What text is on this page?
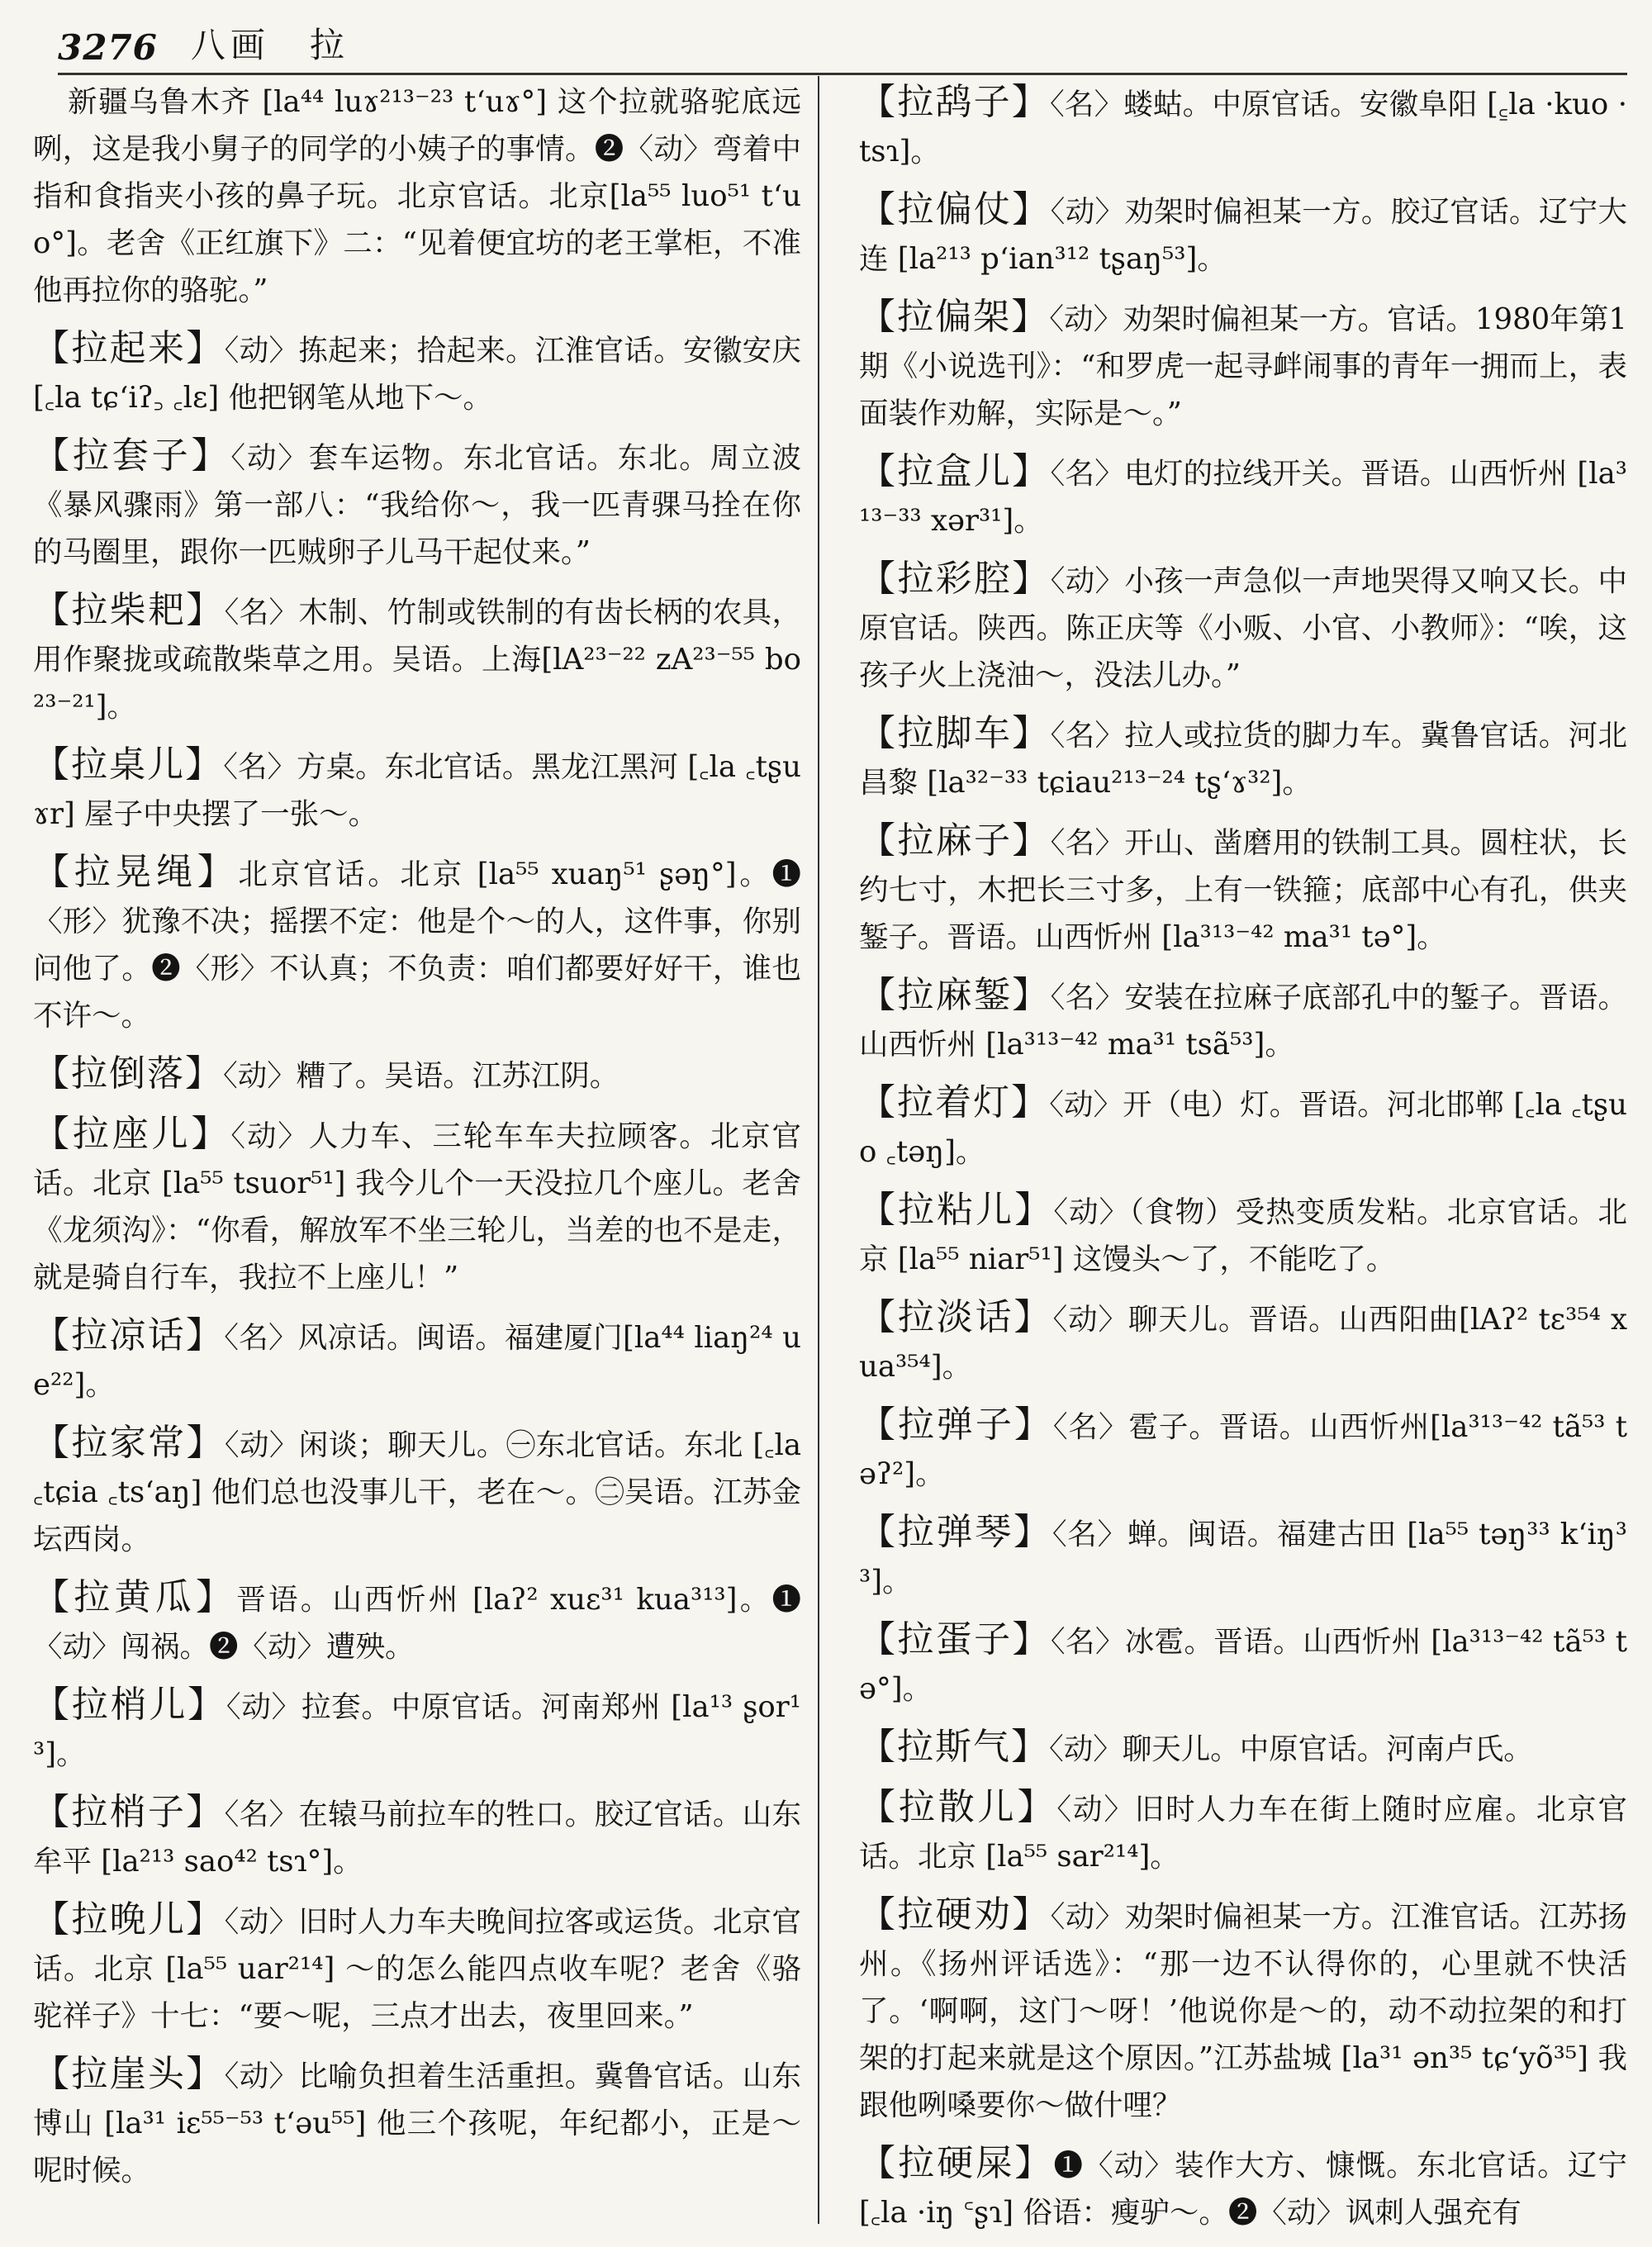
3276 八画　拉

新疆乌鲁木齐 [la⁴⁴ luɤ²¹³⁻²³ t‘uɤ°] 这个拉就骆驼底远咧，这是我小舅子的同学的小姨子的事情。❷〈动〉弯着中指和食指夹小孩的鼻子玩。北京官话。北京[la⁵⁵ luo⁵¹ t‘uo°]。老舍《正红旗下》二：“见着便宜坊的老王掌柜，不准他再拉你的骆驼。”

【拉起来】〈动〉拣起来；拾起来。江淮官话。安徽安庆 [꜀la tɕ‘iʔ꜆ ꜀lɛ] 他把钢笔从地下～。

【拉套子】〈动〉套车运物。东北官话。东北。周立波《暴风骤雨》第一部八：“我给你～，我一匹青骒马拴在你的马圈里，跟你一匹贼卵子儿马干起仗来。”

【拉柴耙】〈名〉木制、竹制或铁制的有齿长柄的农具，用作聚拢或疏散柴草之用。吴语。上海[lA²³⁻²² zA²³⁻⁵⁵ bo²³⁻²¹]。

【拉桌儿】〈名〉方桌。东北官话。黑龙江黑河 [꜀la ꜀tʂuɤr] 屋子中央摆了一张～。

【拉晃绳】北京官话。北京 [la⁵⁵ xuaŋ⁵¹ ʂəŋ°]。❶〈形〉犹豫不决；摇摆不定：他是个～的人，这件事，你别问他了。❷〈形〉不认真；不负责：咱们都要好好干，谁也不许～。

【拉倒落】〈动〉糟了。吴语。江苏江阴。

【拉座儿】〈动〉人力车、三轮车车夫拉顾客。北京官话。北京 [la⁵⁵ tsuor⁵¹] 我今儿个一天没拉几个座儿。老舍《龙须沟》：“你看，解放军不坐三轮儿，当差的也不是走，就是骑自行车，我拉不上座儿！”

【拉凉话】〈名〉风凉话。闽语。福建厦门[la⁴⁴ liaŋ²⁴ ue²²]。

【拉家常】〈动〉闲谈；聊天儿。㊀东北官话。东北 [꜀la ꜀tɕia ꜀ts‘aŋ] 他们总也没事儿干，老在～。㊁吴语。江苏金坛西岗。

【拉黄瓜】晋语。山西忻州 [laʔ² xuɛ³¹ kua³¹³]。❶〈动〉闯祸。❷〈动〉遭殃。

【拉梢儿】〈动〉拉套。中原官话。河南郑州 [la¹³ ʂor¹³]。

【拉梢子】〈名〉在辕马前拉车的牲口。胶辽官话。山东牟平 [la²¹³ sao⁴² tsɿ°]。

【拉晚儿】〈动〉旧时人力车夫晚间拉客或运货。北京官话。北京 [la⁵⁵ uar²¹⁴] ～的怎么能四点收车呢？老舍《骆驼祥子》十七：“要～呢，三点才出去，夜里回来。”

【拉崖头】〈动〉比喻负担着生活重担。冀鲁官话。山东博山 [la³¹ iɛ⁵⁵⁻⁵³ t‘əu⁵⁵] 他三个孩呢，年纪都小，正是～呢时候。

【拉鸹子】〈名〉蝼蛄。中原官话。安徽阜阳 [꜁la ·kuo ·tsɿ]。

【拉偏仗】〈动〉劝架时偏袒某一方。胶辽官话。辽宁大连 [la²¹³ p‘ian³¹² tʂaŋ⁵³]。

【拉偏架】〈动〉劝架时偏袒某一方。官话。1980年第1期《小说选刊》：“和罗虎一起寻衅闹事的青年一拥而上，表面装作劝解，实际是～。”

【拉盒儿】〈名〉电灯的拉线开关。晋语。山西忻州 [la³¹³⁻³³ xər³¹]。

【拉彩腔】〈动〉小孩一声急似一声地哭得又响又长。中原官话。陕西。陈正庆等《小贩、小官、小教师》：“唉，这孩子火上浇油～，没法儿办。”

【拉脚车】〈名〉拉人或拉货的脚力车。冀鲁官话。河北昌黎 [la³²⁻³³ tɕiau²¹³⁻²⁴ tʂ‘ɤ³²]。

【拉麻子】〈名〉开山、凿磨用的铁制工具。圆柱状，长约七寸，木把长三寸多，上有一铁箍；底部中心有孔，供夹錾子。晋语。山西忻州 [la³¹³⁻⁴² ma³¹ tə°]。

【拉麻錾】〈名〉安装在拉麻子底部孔中的錾子。晋语。山西忻州 [la³¹³⁻⁴² ma³¹ tsã⁵³]。

【拉着灯】〈动〉开（电）灯。晋语。河北邯郸 [꜀la ꜀tʂuo ꜀təŋ]。

【拉粘儿】〈动〉（食物）受热变质发粘。北京官话。北京 [la⁵⁵ niar⁵¹] 这馒头～了，不能吃了。

【拉淡话】〈动〉聊天儿。晋语。山西阳曲[lAʔ² tɛ³⁵⁴ xua³⁵⁴]。

【拉弹子】〈名〉雹子。晋语。山西忻州[la³¹³⁻⁴² tã⁵³ təʔ²]。

【拉弹琴】〈名〉蝉。闽语。福建古田 [la⁵⁵ təŋ³³ k‘iŋ³³]。

【拉蛋子】〈名〉冰雹。晋语。山西忻州 [la³¹³⁻⁴² tã⁵³ tə°]。

【拉斯气】〈动〉聊天儿。中原官话。河南卢氏。

【拉散儿】〈动〉旧时人力车在街上随时应雇。北京官话。北京 [la⁵⁵ sar²¹⁴]。

【拉硬劝】〈动〉劝架时偏袒某一方。江淮官话。江苏扬州。《扬州评话选》：“那一边不认得你的，心里就不快活了。‘啊啊，这门～呀！’他说你是～的，动不动拉架的和打架的打起来就是这个原因。”江苏盐城 [la³¹ ən³⁵ tɕ‘yõ³⁵] 我跟他咧嗓要你～做什哩？

【拉硬屎】❶〈动〉装作大方、慷慨。东北官话。辽宁 [꜀la ·iŋ ꜂ʂɿ] 俗语：瘦驴～。❷〈动〉讽刺人强充有
